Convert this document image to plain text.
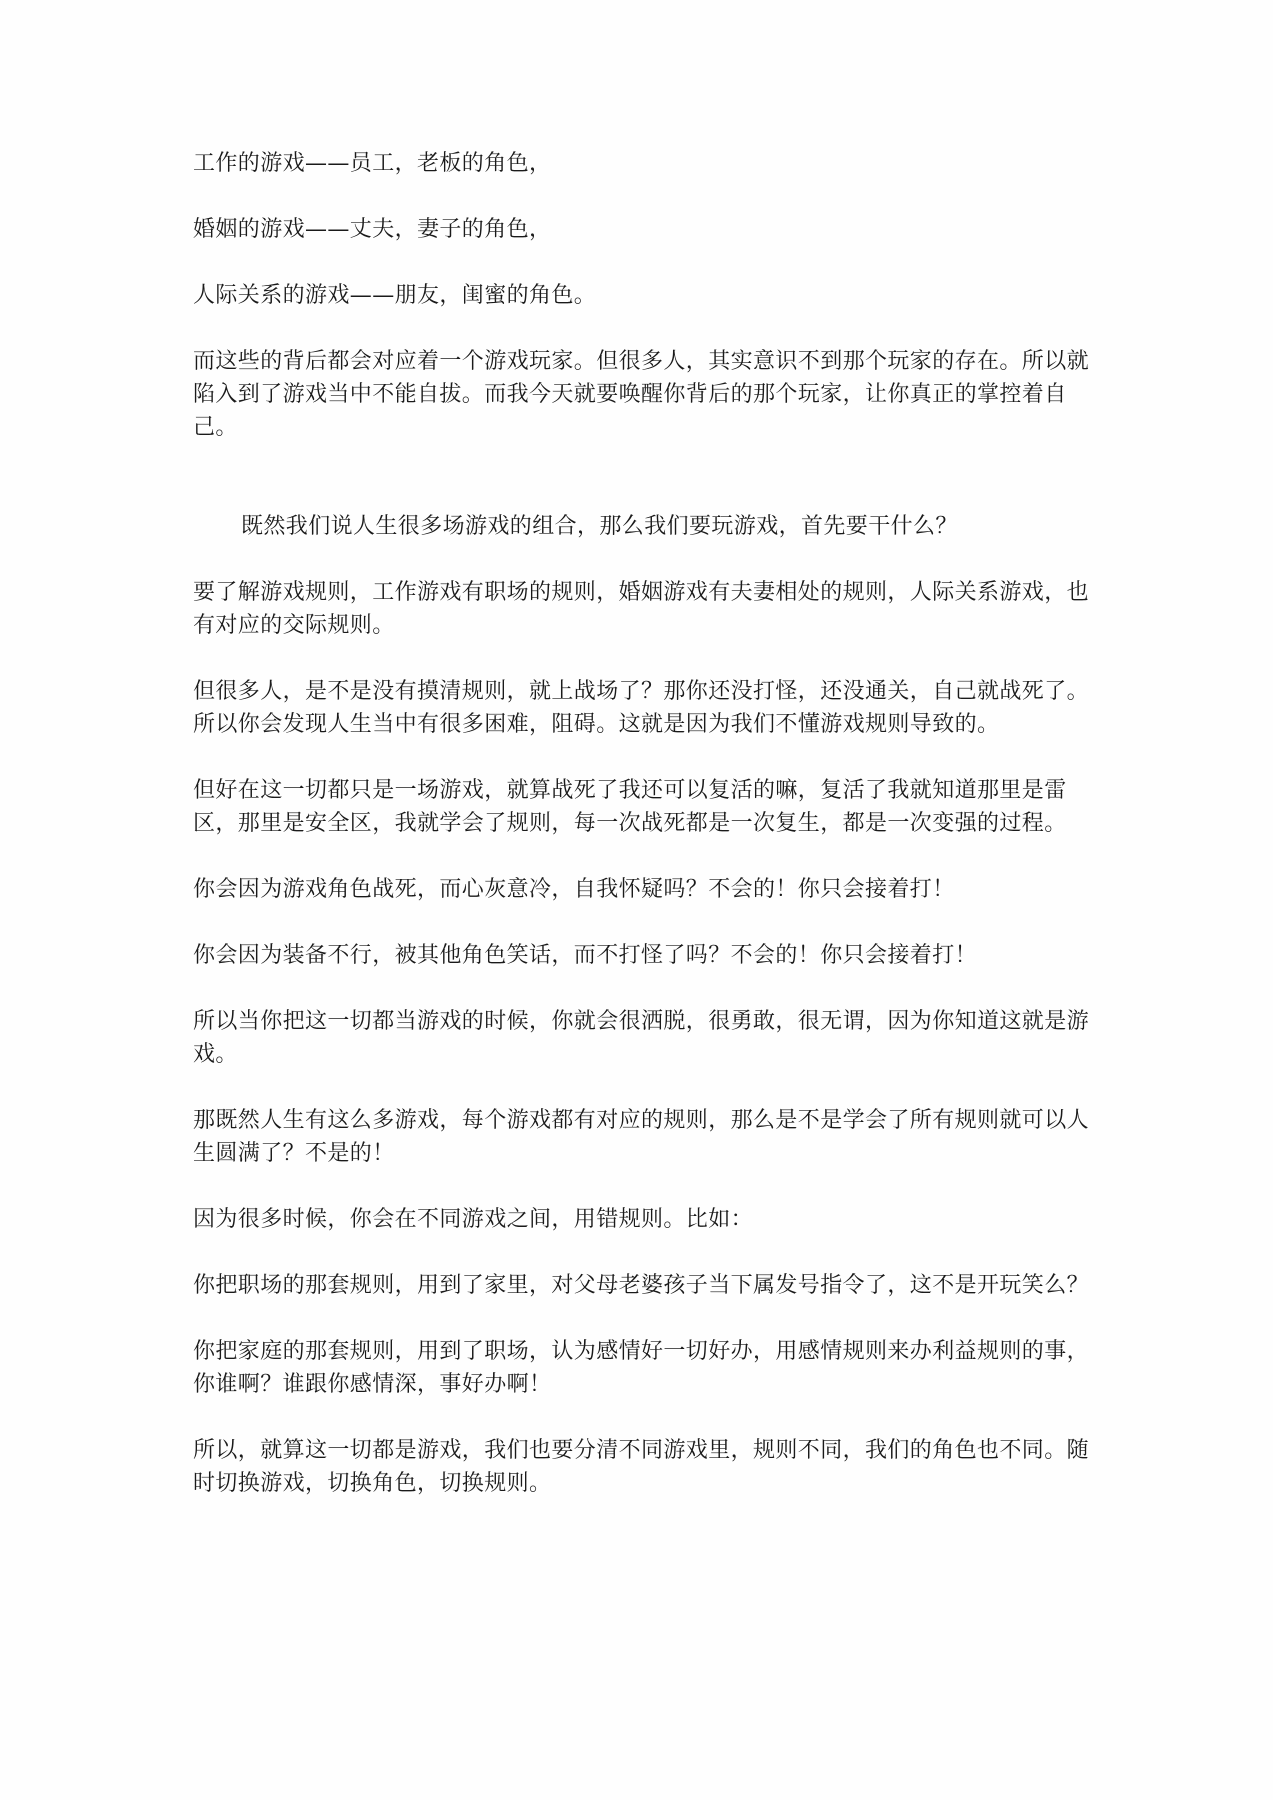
工作的游戏——员工，老板的角色，

婚姻的游戏——丈夫，妻子的角色，

人际关系的游戏——朋友，闺蜜的角色。

而这些的背后都会对应着一个游戏玩家。但很多人，其实意识不到那个玩家的存在。所以就陷入到了游戏当中不能自拔。而我今天就要唤醒你背后的那个玩家，让你真正的掌控着自己。

既然我们说人生很多场游戏的组合，那么我们要玩游戏，首先要干什么？

要了解游戏规则，工作游戏有职场的规则，婚姻游戏有夫妻相处的规则，人际关系游戏，也有对应的交际规则。

但很多人，是不是没有摸清规则，就上战场了？那你还没打怪，还没通关，自己就战死了。所以你会发现人生当中有很多困难，阻碍。这就是因为我们不懂游戏规则导致的。

但好在这一切都只是一场游戏，就算战死了我还可以复活的嘛，复活了我就知道那里是雷区，那里是安全区，我就学会了规则，每一次战死都是一次复生，都是一次变强的过程。

你会因为游戏角色战死，而心灰意冷，自我怀疑吗？不会的！你只会接着打！

你会因为装备不行，被其他角色笑话，而不打怪了吗？不会的！你只会接着打！

所以当你把这一切都当游戏的时候，你就会很洒脱，很勇敢，很无谓，因为你知道这就是游戏。

那既然人生有这么多游戏，每个游戏都有对应的规则，那么是不是学会了所有规则就可以人生圆满了？不是的！

因为很多时候，你会在不同游戏之间，用错规则。比如：

你把职场的那套规则，用到了家里，对父母老婆孩子当下属发号指令了，这不是开玩笑么？

你把家庭的那套规则，用到了职场，认为感情好一切好办，用感情规则来办利益规则的事，你谁啊？谁跟你感情深，事好办啊！

所以，就算这一切都是游戏，我们也要分清不同游戏里，规则不同，我们的角色也不同。随时切换游戏，切换角色，切换规则。
